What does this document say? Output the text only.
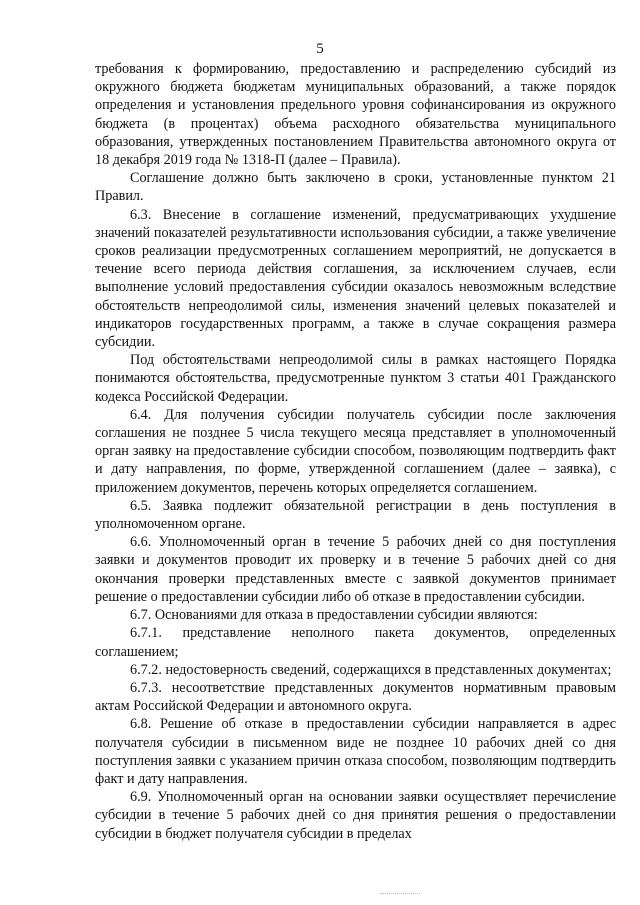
5

требования к формированию, предоставлению и распределению субсидий из окружного бюджета бюджетам муниципальных образований, а также порядок определения и установления предельного уровня софинансирования из окружного бюджета (в процентах) объема расходного обязательства муниципального образования, утвержденных постановлением Правительства автономного округа от 18 декабря 2019 года № 1318-П (далее – Правила).

Соглашение должно быть заключено в сроки, установленные пунктом 21 Правил.

6.3. Внесение в соглашение изменений, предусматривающих ухудшение значений показателей результативности использования субсидии, а также увеличение сроков реализации предусмотренных соглашением мероприятий, не допускается в течение всего периода действия соглашения, за исключением случаев, если выполнение условий предоставления субсидии оказалось невозможным вследствие обстоятельств непреодолимой силы, изменения значений целевых показателей и индикаторов государственных программ, а также в случае сокращения размера субсидии.

Под обстоятельствами непреодолимой силы в рамках настоящего Порядка понимаются обстоятельства, предусмотренные пунктом 3 статьи 401 Гражданского кодекса Российской Федерации.

6.4. Для получения субсидии получатель субсидии после заключения соглашения не позднее 5 числа текущего месяца представляет в уполномоченный орган заявку на предоставление субсидии способом, позволяющим подтвердить факт и дату направления, по форме, утвержденной соглашением (далее – заявка), с приложением документов, перечень которых определяется соглашением.

6.5. Заявка подлежит обязательной регистрации в день поступления в уполномоченном органе.

6.6. Уполномоченный орган в течение 5 рабочих дней со дня поступления заявки и документов проводит их проверку и в течение 5 рабочих дней со дня окончания проверки представленных вместе с заявкой документов принимает решение о предоставлении субсидии либо об отказе в предоставлении субсидии.

6.7. Основаниями для отказа в предоставлении субсидии являются:

6.7.1. представление неполного пакета документов, определенных соглашением;

6.7.2. недостоверность сведений, содержащихся в представленных документах;

6.7.3. несоответствие представленных документов нормативным правовым актам Российской Федерации и автономного округа.

6.8. Решение об отказе в предоставлении субсидии направляется в адрес получателя субсидии в письменном виде не позднее 10 рабочих дней со дня поступления заявки с указанием причин отказа способом, позволяющим подтвердить факт и дату направления.

6.9. Уполномоченный орган на основании заявки осуществляет перечисление субсидии в течение 5 рабочих дней со дня принятия решения о предоставлении субсидии в бюджет получателя субсидии в пределах
